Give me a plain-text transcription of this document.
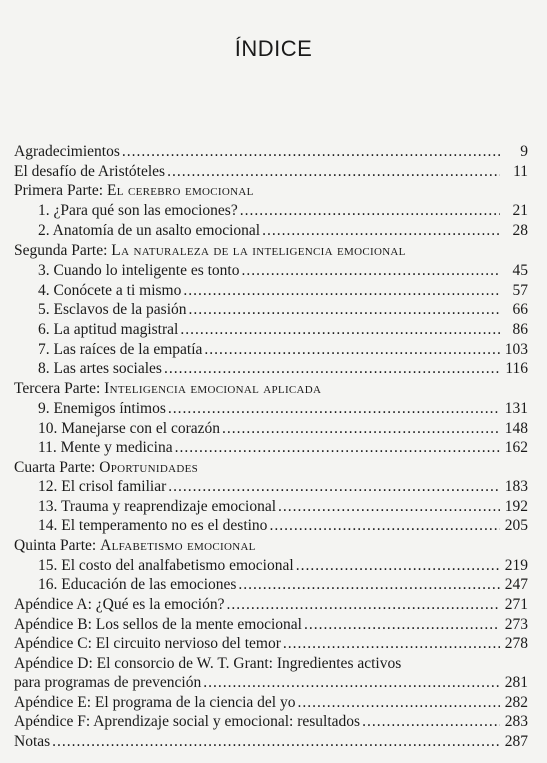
ÍNDICE
Agradecimientos .....	9
El desafío de Aristóteles .....	11
Primera Parte: El cerebro emocional
1. ¿Para qué son las emociones? .....	21
2. Anatomía de un asalto emocional .....	28
Segunda Parte: La naturaleza de la inteligencia emocional
3. Cuando lo inteligente es tonto .....	45
4. Conócete a ti mismo .....	57
5. Esclavos de la pasión .....	66
6. La aptitud magistral .....	86
7. Las raíces de la empatía .....	103
8. Las artes sociales .....	116
Tercera Parte: Inteligencia emocional aplicada
9. Enemigos íntimos .....	131
10. Manejarse con el corazón .....	148
11. Mente y medicina .....	162
Cuarta Parte: Oportunidades
12. El crisol familiar .....	183
13. Trauma y reaprendizaje emocional .....	192
14. El temperamento no es el destino .....	205
Quinta Parte: Alfabetismo emocional
15. El costo del analfabetismo emocional .....	219
16. Educación de las emociones .....	247
Apéndice A: ¿Qué es la emoción? .....	271
Apéndice B: Los sellos de la mente emocional .....	273
Apéndice C: El circuito nervioso del temor .....	278
Apéndice D: El consorcio de W. T. Grant: Ingredientes activos
para programas de prevención .....	281
Apéndice E: El programa de la ciencia del yo .....	282
Apéndice F: Aprendizaje social y emocional: resultados .....	283
Notas .....	287
